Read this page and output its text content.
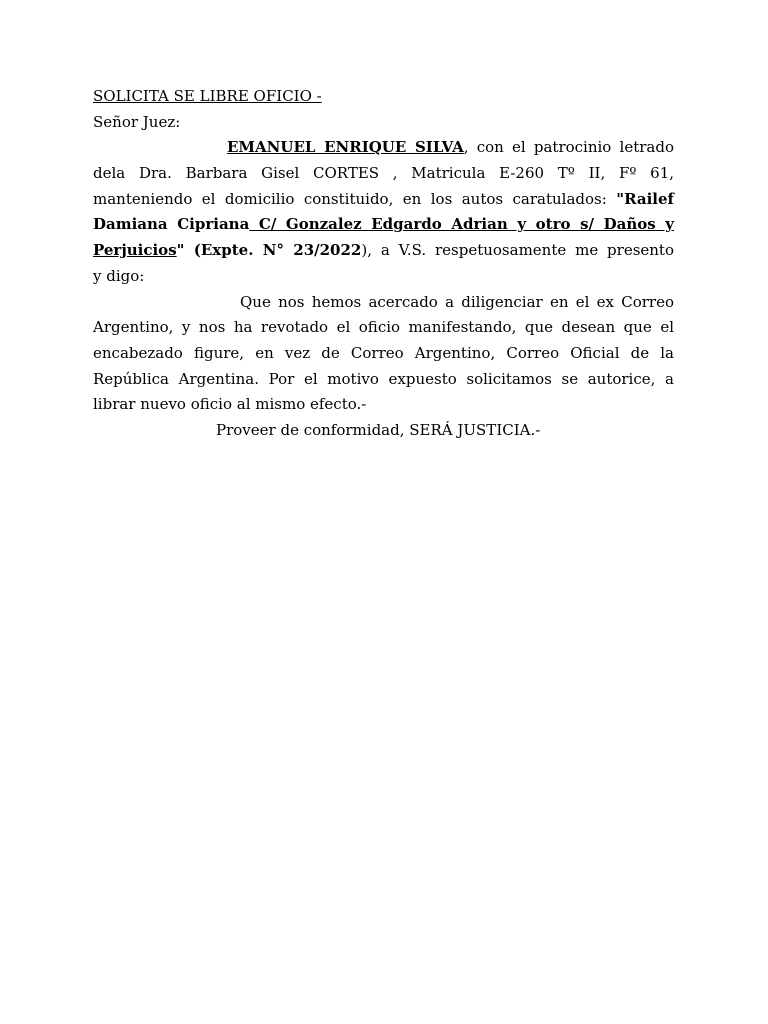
SOLICITA SE LIBRE OFICIO -
Señor Juez:
EMANUEL ENRIQUE SILVA, con el patrocinio letrado
dela Dra. Barbara Gisel CORTES , Matricula E-260 Tº II, Fº 61,
manteniendo el domicilio constituido, en los autos caratulados: "Railef
Damiana Cipriana C/ Gonzalez Edgardo Adrian y otro s/ Daños y
Perjuicios" (Expte. N° 23/2022), a V.S. respetuosamente me presento
y digo:
Que nos hemos acercado a diligenciar en el ex Correo
Argentino, y nos ha revotado el oficio manifestando, que desean que el
encabezado figure, en vez de Correo Argentino, Correo Oficial de la
República Argentina. Por el motivo expuesto solicitamos se autorice, a
librar nuevo oficio al mismo efecto.-
Proveer de conformidad, SERÁ JUSTICIA.-
